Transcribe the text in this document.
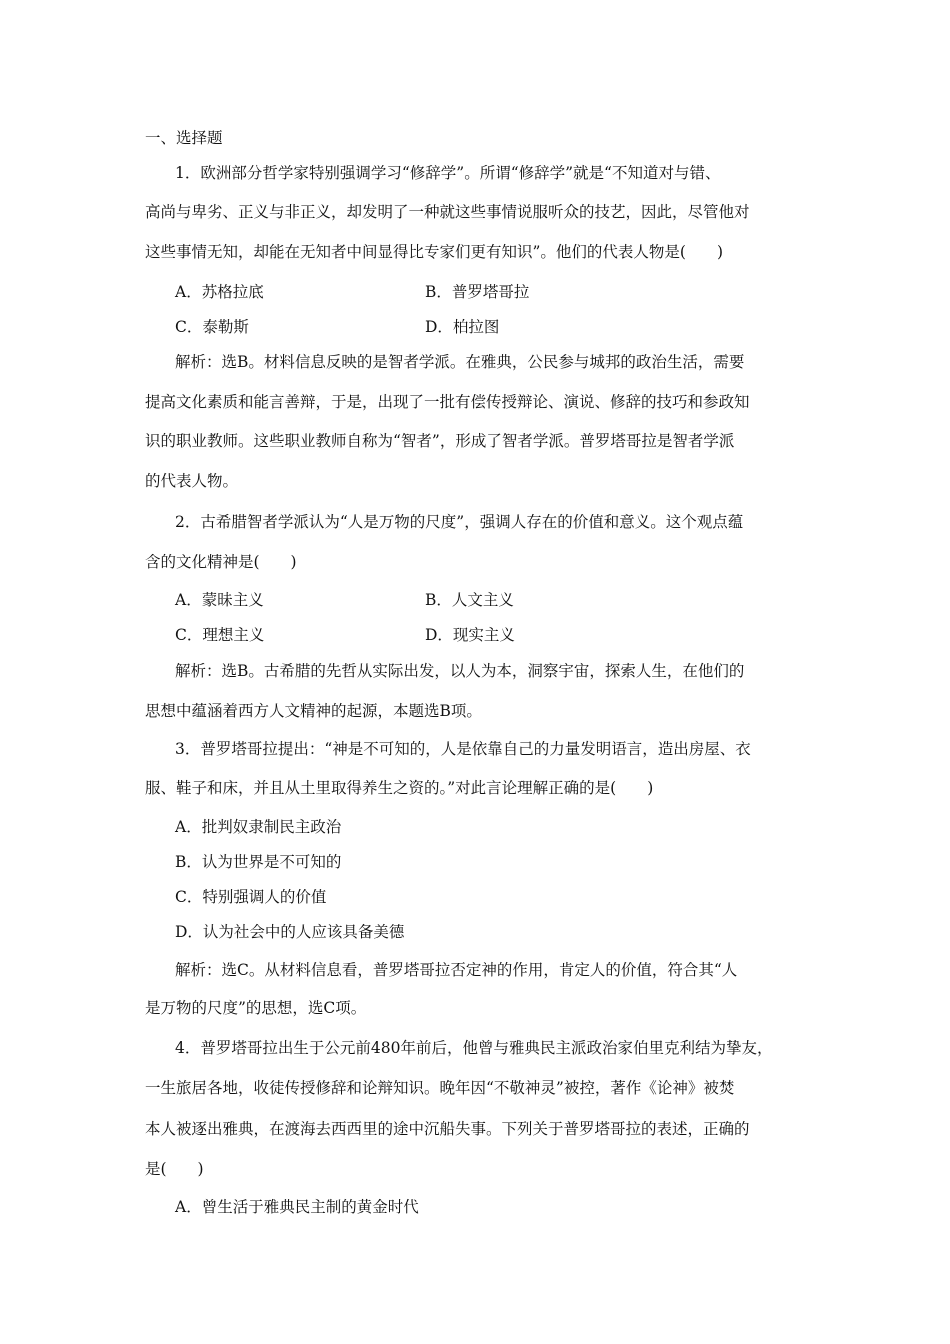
一、选择题
1．欧洲部分哲学家特别强调学习“修辞学”。所谓“修辞学”就是“不知道对与错、
高尚与卑劣、正义与非正义，却发明了一种就这些事情说服听众的技艺，因此，尽管他对
这些事情无知，却能在无知者中间显得比专家们更有知识”。他们的代表人物是(　　)
A．苏格拉底	B．普罗塔哥拉
C．泰勒斯	D．柏拉图
解析：选B。材料信息反映的是智者学派。在雅典，公民参与城邦的政治生活，需要
提高文化素质和能言善辩，于是，出现了一批有偿传授辩论、演说、修辞的技巧和参政知
识的职业教师。这些职业教师自称为“智者”，形成了智者学派。普罗塔哥拉是智者学派
的代表人物。
2．古希腊智者学派认为“人是万物的尺度”，强调人存在的价值和意义。这个观点蕴
含的文化精神是(　　)
A．蒙昧主义	B．人文主义
C．理想主义	D．现实主义
解析：选B。古希腊的先哲从实际出发，以人为本，洞察宇宙，探索人生，在他们的
思想中蕴涵着西方人文精神的起源，本题选B项。
3．普罗塔哥拉提出：“神是不可知的，人是依靠自己的力量发明语言，造出房屋、衣
服、鞋子和床，并且从土里取得养生之资的。”对此言论理解正确的是(　　)
A．批判奴隶制民主政治
B．认为世界是不可知的
C．特别强调人的价值
D．认为社会中的人应该具备美德
解析：选C。从材料信息看，普罗塔哥拉否定神的作用，肯定人的价值，符合其“人
是万物的尺度”的思想，选C项。
4．普罗塔哥拉出生于公元前480年前后，他曾与雅典民主派政治家伯里克利结为挚友，
一生旅居各地，收徒传授修辞和论辩知识。晚年因“不敬神灵”被控，著作《论神》被焚
本人被逐出雅典，在渡海去西西里的途中沉船失事。下列关于普罗塔哥拉的表述，正确的
是(　　)
A．曾生活于雅典民主制的黄金时代
